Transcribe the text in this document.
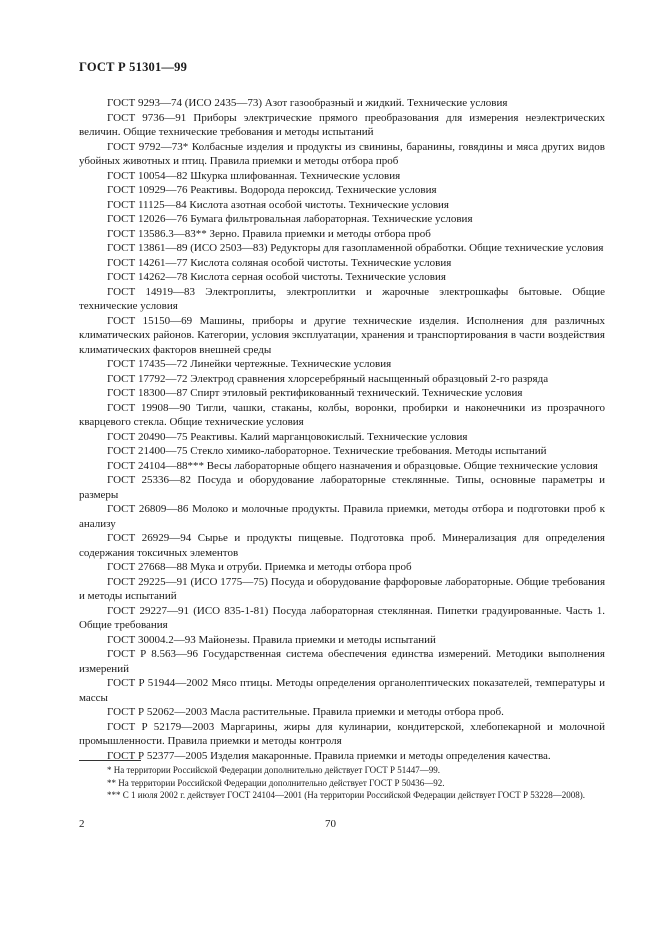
ГОСТ Р 51301—99

ГОСТ 9293—74 (ИСО 2435—73) Азот газообразный и жидкий. Технические условия

ГОСТ 9736—91 Приборы электрические прямого преобразования для измерения неэлектрических величин. Общие технические требования и методы испытаний

ГОСТ 9792—73* Колбасные изделия и продукты из свинины, баранины, говядины и мяса других видов убойных животных и птиц. Правила приемки и методы отбора проб

ГОСТ 10054—82 Шкурка шлифованная. Технические условия

ГОСТ 10929—76 Реактивы. Водорода пероксид. Технические условия

ГОСТ 11125—84 Кислота азотная особой чистоты. Технические условия

ГОСТ 12026—76 Бумага фильтровальная лабораторная. Технические условия

ГОСТ 13586.3—83** Зерно. Правила приемки и методы отбора проб

ГОСТ 13861—89 (ИСО 2503—83) Редукторы для газопламенной обработки. Общие технические условия

ГОСТ 14261—77 Кислота соляная особой чистоты. Технические условия

ГОСТ 14262—78 Кислота серная особой чистоты. Технические условия

ГОСТ 14919—83 Электроплиты, электроплитки и жарочные электрошкафы бытовые. Общие технические условия

ГОСТ 15150—69 Машины, приборы и другие технические изделия. Исполнения для различных климатических районов. Категории, условия эксплуатации, хранения и транспортирования в части воздействия климатических факторов внешней среды

ГОСТ 17435—72 Линейки чертежные. Технические условия

ГОСТ 17792—72 Электрод сравнения хлорсеребряный насыщенный образцовый 2-го разряда

ГОСТ 18300—87 Спирт этиловый ректификованный технический. Технические условия

ГОСТ 19908—90 Тигли, чашки, стаканы, колбы, воронки, пробирки и наконечники из прозрачного кварцевого стекла. Общие технические условия

ГОСТ 20490—75 Реактивы. Калий марганцовокислый. Технические условия

ГОСТ 21400—75 Стекло химико-лабораторное. Технические требования. Методы испытаний

ГОСТ 24104—88*** Весы лабораторные общего назначения и образцовые. Общие технические условия

ГОСТ 25336—82 Посуда и оборудование лабораторные стеклянные. Типы, основные параметры и размеры

ГОСТ 26809—86 Молоко и молочные продукты. Правила приемки, методы отбора и подготовки проб к анализу

ГОСТ 26929—94 Сырье и продукты пищевые. Подготовка проб. Минерализация для определения содержания токсичных элементов

ГОСТ 27668—88 Мука и отруби. Приемка и методы отбора проб

ГОСТ 29225—91 (ИСО 1775—75) Посуда и оборудование фарфоровые лабораторные. Общие требования и методы испытаний

ГОСТ 29227—91 (ИСО 835-1-81) Посуда лабораторная стеклянная. Пипетки градуированные. Часть 1. Общие требования

ГОСТ 30004.2—93 Майонезы. Правила приемки и методы испытаний

ГОСТ Р 8.563—96 Государственная система обеспечения единства измерений. Методики выполнения измерений

ГОСТ Р 51944—2002 Мясо птицы. Методы определения органолептических показателей, температуры и массы

ГОСТ Р 52062—2003 Масла растительные. Правила приемки и методы отбора проб.

ГОСТ Р 52179—2003 Маргарины, жиры для кулинарии, кондитерской, хлебопекарной и молочной промышленности. Правила приемки и методы контроля

ГОСТ Р 52377—2005 Изделия макаронные. Правила приемки и методы определения качества.

* На территории Российской Федерации дополнительно действует ГОСТ Р 51447—99.

** На территории Российской Федерации дополнительно действует ГОСТ Р 50436—92.

*** С 1 июля 2002 г. действует ГОСТ 24104—2001 (На территории Российской Федерации действует ГОСТ Р 53228—2008).

2	70
